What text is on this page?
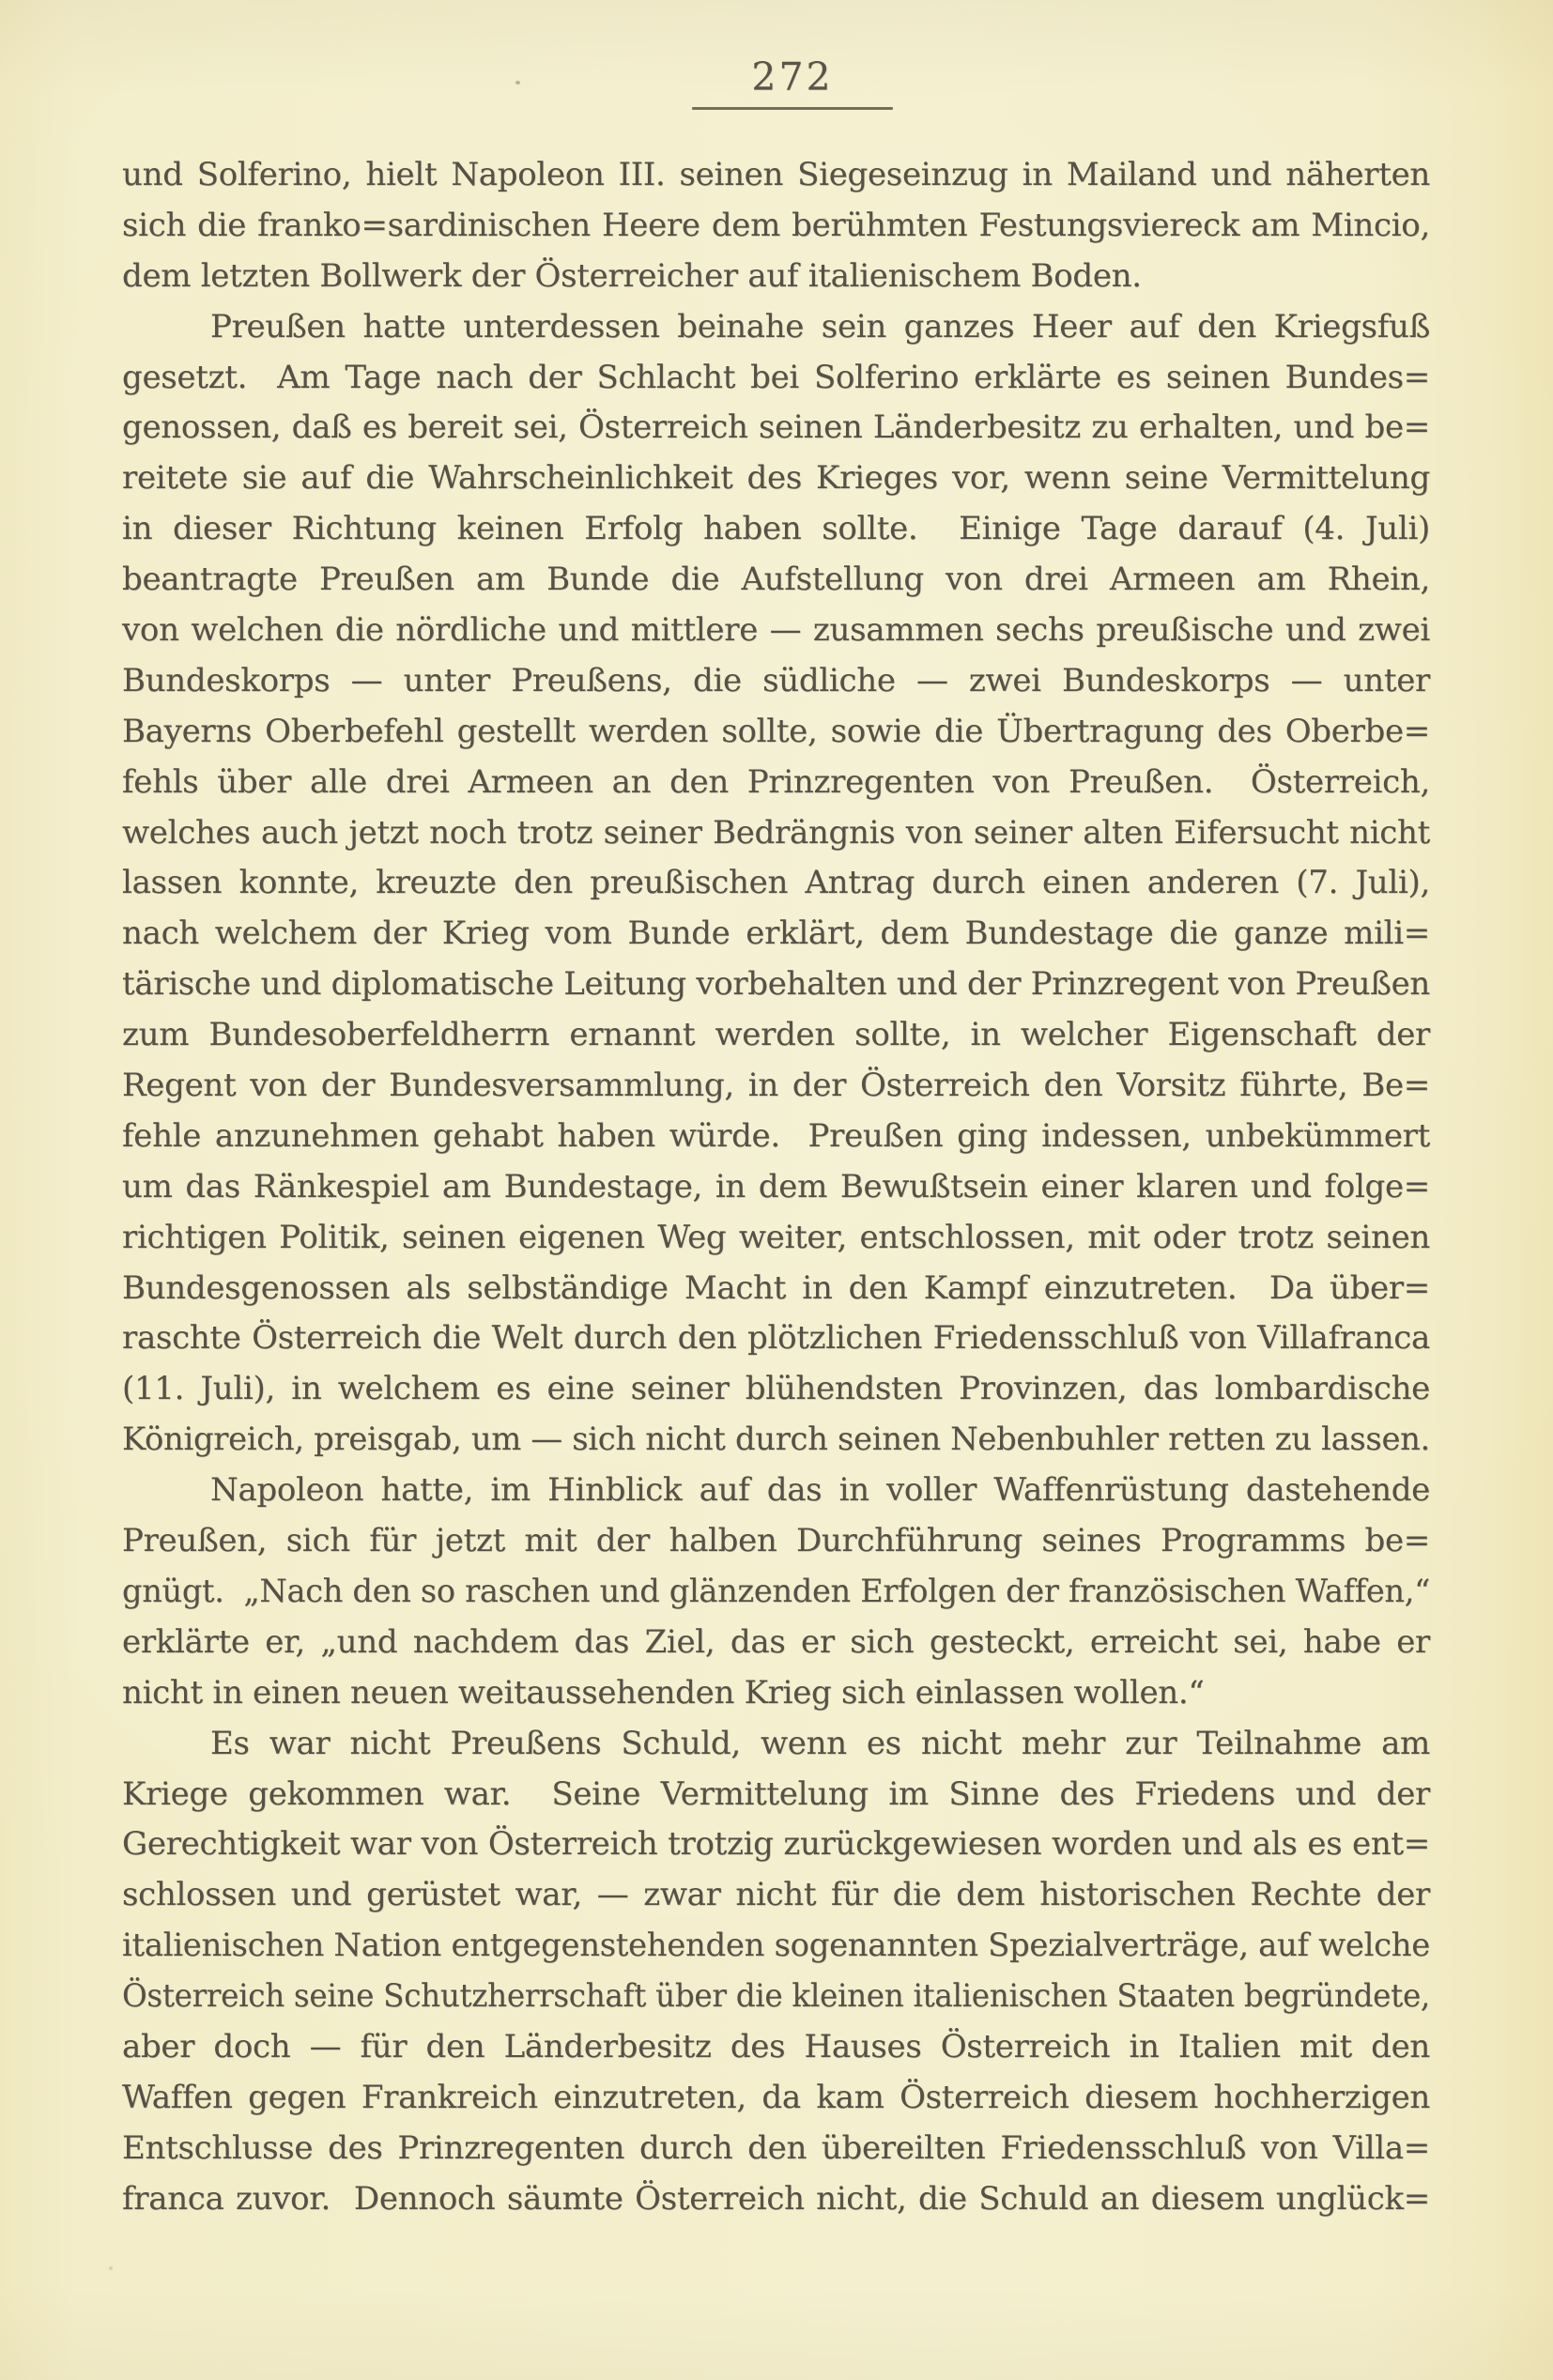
272
und Solferino, hielt Napoleon III. seinen Siegeseinzug in Mailand und näherten
sich die franko=sardinischen Heere dem berühmten Festungsviereck am Mincio,
dem letzten Bollwerk der Österreicher auf italienischem Boden.
Preußen hatte unterdessen beinahe sein ganzes Heer auf den Kriegsfuß
gesetzt.  Am Tage nach der Schlacht bei Solferino erklärte es seinen Bundes=
genossen, daß es bereit sei, Österreich seinen Länderbesitz zu erhalten, und be=
reitete sie auf die Wahrscheinlichkeit des Krieges vor, wenn seine Vermittelung
in dieser Richtung keinen Erfolg haben sollte.  Einige Tage darauf (4. Juli)
beantragte Preußen am Bunde die Aufstellung von drei Armeen am Rhein,
von welchen die nördliche und mittlere — zusammen sechs preußische und zwei
Bundeskorps — unter Preußens, die südliche — zwei Bundeskorps — unter
Bayerns Oberbefehl gestellt werden sollte, sowie die Übertragung des Oberbe=
fehls über alle drei Armeen an den Prinzregenten von Preußen.  Österreich,
welches auch jetzt noch trotz seiner Bedrängnis von seiner alten Eifersucht nicht
lassen konnte, kreuzte den preußischen Antrag durch einen anderen (7. Juli),
nach welchem der Krieg vom Bunde erklärt, dem Bundestage die ganze mili=
tärische und diplomatische Leitung vorbehalten und der Prinzregent von Preußen
zum Bundesoberfeldherrn ernannt werden sollte, in welcher Eigenschaft der
Regent von der Bundesversammlung, in der Österreich den Vorsitz führte, Be=
fehle anzunehmen gehabt haben würde.  Preußen ging indessen, unbekümmert
um das Ränkespiel am Bundestage, in dem Bewußtsein einer klaren und folge=
richtigen Politik, seinen eigenen Weg weiter, entschlossen, mit oder trotz seinen
Bundesgenossen als selbständige Macht in den Kampf einzutreten.  Da über=
raschte Österreich die Welt durch den plötzlichen Friedensschluß von Villafranca
(11. Juli), in welchem es eine seiner blühendsten Provinzen, das lombardische
Königreich, preisgab, um — sich nicht durch seinen Nebenbuhler retten zu lassen.
Napoleon hatte, im Hinblick auf das in voller Waffenrüstung dastehende
Preußen, sich für jetzt mit der halben Durchführung seines Programms be=
gnügt.  „Nach den so raschen und glänzenden Erfolgen der französischen Waffen,“
erklärte er, „und nachdem das Ziel, das er sich gesteckt, erreicht sei, habe er
nicht in einen neuen weitaussehenden Krieg sich einlassen wollen.“
Es war nicht Preußens Schuld, wenn es nicht mehr zur Teilnahme am
Kriege gekommen war.  Seine Vermittelung im Sinne des Friedens und der
Gerechtigkeit war von Österreich trotzig zurückgewiesen worden und als es ent=
schlossen und gerüstet war, — zwar nicht für die dem historischen Rechte der
italienischen Nation entgegenstehenden sogenannten Spezialverträge, auf welche
Österreich seine Schutzherrschaft über die kleinen italienischen Staaten begründete,
aber doch — für den Länderbesitz des Hauses Österreich in Italien mit den
Waffen gegen Frankreich einzutreten, da kam Österreich diesem hochherzigen
Entschlusse des Prinzregenten durch den übereilten Friedensschluß von Villa=
franca zuvor.  Dennoch säumte Österreich nicht, die Schuld an diesem unglück=
